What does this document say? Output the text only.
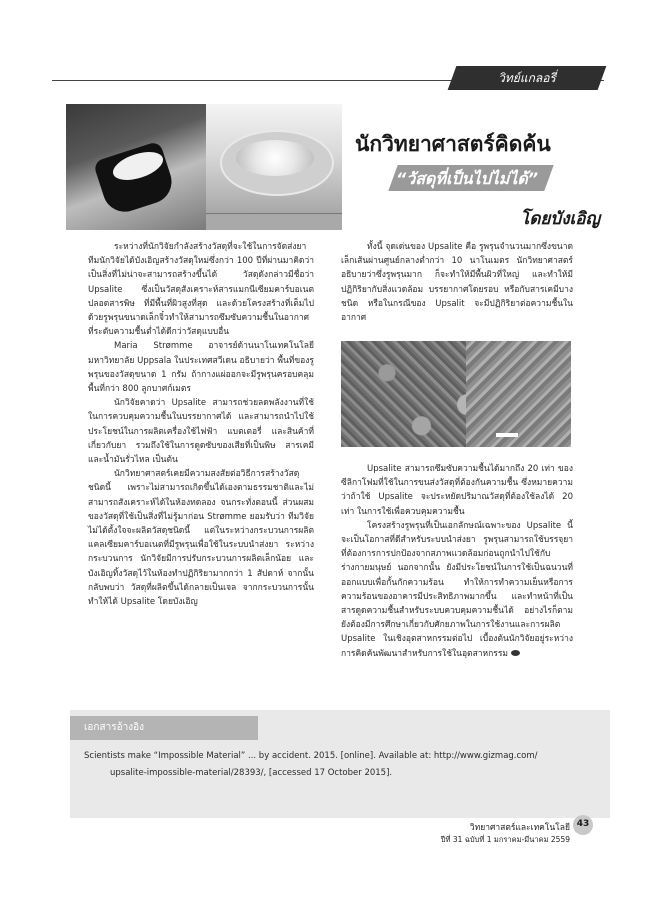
วิทย์แกลอรี่
นักวิทยาศาสตร์คิดค้น
“วัสดุที่เป็นไปไม่ได้”
โดยบังเอิญ

ระหว่างที่นักวิจัยกำลังสร้างวัสดุที่จะใช้ในการจัดส่งยา ทีมนักวิจัยได้บังเอิญสร้างวัสดุใหม่ซึ่งกว่า 100 ปีที่ผ่านมาคิดว่าเป็นสิ่งที่ไม่น่าจะสามารถสร้างขึ้นได้ วัสดุดังกล่าวมีชื่อว่า Upsalite ซึ่งเป็นวัสดุสังเคราะห์สารแมกนีเซียมคาร์บอเนตปลอดสารพิษ ที่มีพื้นที่ผิวสูงที่สุด และด้วยโครงสร้างที่เต็มไปด้วยรูพรุนขนาดเล็กจิ๋วทำให้สามารถซึมซับความชื้นในอากาศที่ระดับความชื้นต่ำได้ดีกว่าวัสดุแบบอื่น

Maria Strømme อาจารย์ด้านนาโนเทคโนโลยีมหาวิทยาลัย Uppsala ในประเทศสวีเดน อธิบายว่า พื้นที่ของรูพรุนของวัสดุขนาด 1 กรัม ถ้ากางแผ่ออกจะมีรูพรุนครอบคลุมพื้นที่กว่า 800 ลูกบาศก์เมตร

นักวิจัยคาดว่า Upsalite สามารถช่วยลดพลังงานที่ใช้ในการควบคุมความชื้นในบรรยากาศได้ และสามารถนำไปใช้ประโยชน์ในการผลิตเครื่องใช้ไฟฟ้า แบตเตอรี่ และสินค้าที่เกี่ยวกับยา รวมถึงใช้ในการดูดซับของเสียที่เป็นพิษ สารเคมี และน้ำมันรั่วไหล เป็นต้น

นักวิทยาศาสตร์เคยมีความสงสัยต่อวิธีการสร้างวัสดุชนิดนี้ เพราะไม่สามารถเกิดขึ้นได้เองตามธรรมชาติและไม่สามารถสังเคราะห์ได้ในห้องทดลอง จนกระทั่งตอนนี้ ส่วนผสมของวัสดุที่ใช้เป็นสิ่งที่ไม่รู้มาก่อน Strømme ยอมรับว่า ทีมวิจัยไม่ได้ตั้งใจจะผลิตวัสดุชนิดนี้ แต่ในระหว่างกระบวนการผลิตแคลเซียมคาร์บอเนตที่มีรูพรุนเพื่อใช้ในระบบนำส่งยา ระหว่างกระบวนการ นักวิจัยมีการปรับกระบวนการผลิตเล็กน้อย และบังเอิญทิ้งวัสดุไว้ในห้องทำปฏิกิริยามากกว่า 1 สัปดาห์ จากนั้นกลับพบว่า วัสดุที่ผลิตขึ้นได้กลายเป็นเจล จากกระบวนการนั้นทำให้ได้ Upsalite โดยบังเอิญ

ทั้งนี้ จุดเด่นของ Upsalite คือ รูพรุนจำนวนมากซึ่งขนาดเล็กเส้นผ่านศูนย์กลางต่ำกว่า 10 นาโนเมตร นักวิทยาศาสตร์อธิบายว่าซึ่งรูพรุนมาก ก็จะทำให้มีพื้นผิวที่ใหญ่ และทำให้มีปฏิกิริยากับสิ่งแวดล้อม บรรยากาศโดยรอบ หรือกับสารเคมีบางชนิด หรือในกรณีของ Upsalit จะมีปฏิกิริยาต่อความชื้นในอากาศ

Upsalite สามารถซึมซับความชื้นได้มากถึง 20 เท่า ของซีลิกาโฟมที่ใช้ในการขนส่งวัสดุที่ต้องกันความชื้น ซึ่งหมายความว่าถ้าใช้ Upsalite จะประหยัดปริมาณวัสดุที่ต้องใช้ลงได้ 20 เท่า ในการใช้เพื่อควบคุมความชื้น

โครงสร้างรูพรุนที่เป็นเอกลักษณ์เฉพาะของ Upsalite นี้ จะเป็นโอกาสที่ดีสำหรับระบบนำส่งยา รูพรุนสามารถใช้บรรจุยาที่ต้องการการปกป้องจากสภาพแวดล้อมก่อนถูกนำไปใช้กับร่างกายมนุษย์ นอกจากนั้น ยังมีประโยชน์ในการใช้เป็นฉนวนที่ออกแบบเพื่อกั้นกักความร้อน ทำให้การทำความเย็นหรือการความร้อนของอาคารมีประสิทธิภาพมากขึ้น และทำหน้าที่เป็นสารดูดความชื้นสำหรับระบบควบคุมความชื้นได้ อย่างไรก็ตาม ยังต้องมีการศึกษาเกี่ยวกับศักยภาพในการใช้งานและการผลิต Upsalite ในเชิงอุตสาหกรรมต่อไป เบื้องต้นนักวิจัยอยู่ระหว่างการคิดค้นพัฒนาสำหรับการใช้ในอุตสาหกรรม

เอกสารอ้างอิง
Scientists make “Impossible Material” ... by accident. 2015. [online]. Available at: http://www.gizmag.com/
upsalite-impossible-material/28393/, [accessed 17 October 2015].
วิทยาศาสตร์และเทคโนโลยี
ปีที่ 31 ฉบับที่ 1 มกราคม-มีนาคม 2559
43
